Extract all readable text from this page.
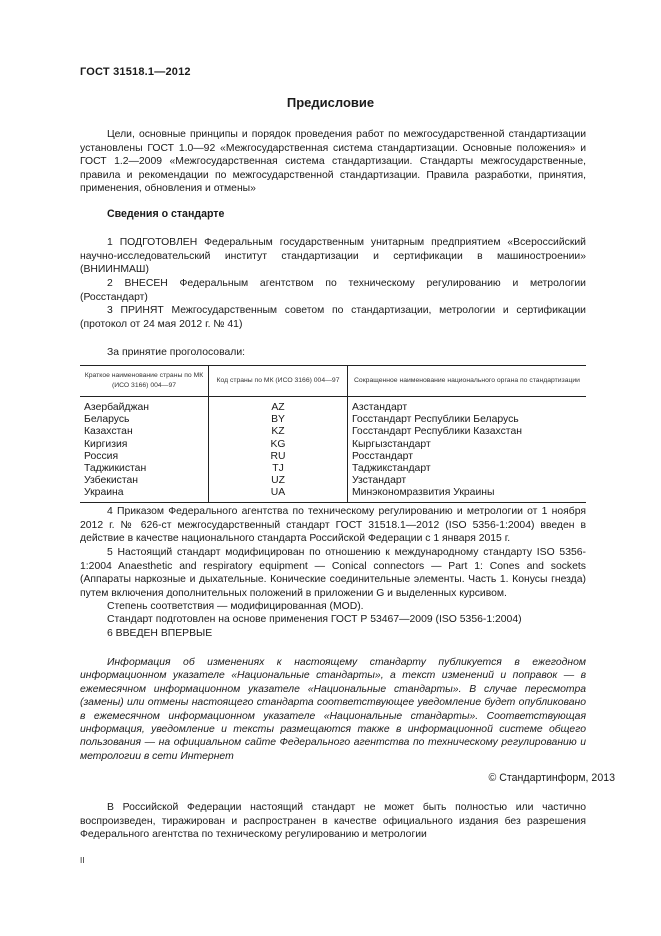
ГОСТ 31518.1—2012
Предисловие
Цели, основные принципы и порядок проведения работ по межгосударственной стандартизации установлены ГОСТ 1.0—92 «Межгосударственная система стандартизации. Основные положения» и ГОСТ 1.2—2009 «Межгосударственная система стандартизации. Стандарты межгосударственные, правила и рекомендации по межгосударственной стандартизации. Правила разработки, принятия, применения, обновления и отмены»
Сведения о стандарте
1 ПОДГОТОВЛЕН Федеральным государственным унитарным предприятием «Всероссийский научно-исследовательский институт стандартизации и сертификации в машиностроении» (ВНИИНМАШ)
2 ВНЕСЕН Федеральным агентством по техническому регулированию и метрологии (Росстандарт)
3 ПРИНЯТ Межгосударственным советом по стандартизации, метрологии и сертификации (протокол от 24 мая 2012 г. № 41)
За принятие проголосовали:
Краткое наименование страны по МК (ИСО 3166) 004—97	Код страны по МК (ИСО 3166) 004—97	Сокращенное наименование национального органа по стандартизации
Азербайджан	AZ	Азстандарт
Беларусь	BY	Госстандарт Республики Беларусь
Казахстан	KZ	Госстандарт Республики Казахстан
Киргизия	KG	Кыргызстандарт
Россия	RU	Росстандарт
Таджикистан	TJ	Таджикстандарт
Узбекистан	UZ	Узстандарт
Украина	UA	Минэкономразвития Украины
4 Приказом Федерального агентства по техническому регулированию и метрологии от 1 ноября 2012 г. № 626-ст межгосударственный стандарт ГОСТ 31518.1—2012 (ISO 5356-1:2004) введен в действие в качестве национального стандарта Российской Федерации с 1 января 2015 г.
5 Настоящий стандарт модифицирован по отношению к международному стандарту ISO 5356-1:2004 Anaesthetic and respiratory equipment — Conical connectors — Part 1: Cones and sockets (Аппараты наркозные и дыхательные. Конические соединительные элементы. Часть 1. Конусы гнезда) путем включения дополнительных положений в приложении G и выделенных курсивом.
Степень соответствия — модифицированная (MOD).
Стандарт подготовлен на основе применения ГОСТ Р 53467—2009 (ISO 5356-1:2004)
6 ВВЕДЕН ВПЕРВЫЕ
Информация об изменениях к настоящему стандарту публикуется в ежегодном информационном указателе «Национальные стандарты», а текст изменений и поправок — в ежемесячном информационном указателе «Национальные стандарты». В случае пересмотра (замены) или отмены настоящего стандарта соответствующее уведомление будет опубликовано в ежемесячном информационном указателе «Национальные стандарты». Соответствующая информация, уведомление и тексты размещаются также в информационной системе общего пользования — на официальном сайте Федерального агентства по техническому регулированию и метрологии в сети Интернет
© Стандартинформ, 2013
В Российской Федерации настоящий стандарт не может быть полностью или частично воспроизведен, тиражирован и распространен в качестве официального издания без разрешения Федерального агентства по техническому регулированию и метрологии
II
